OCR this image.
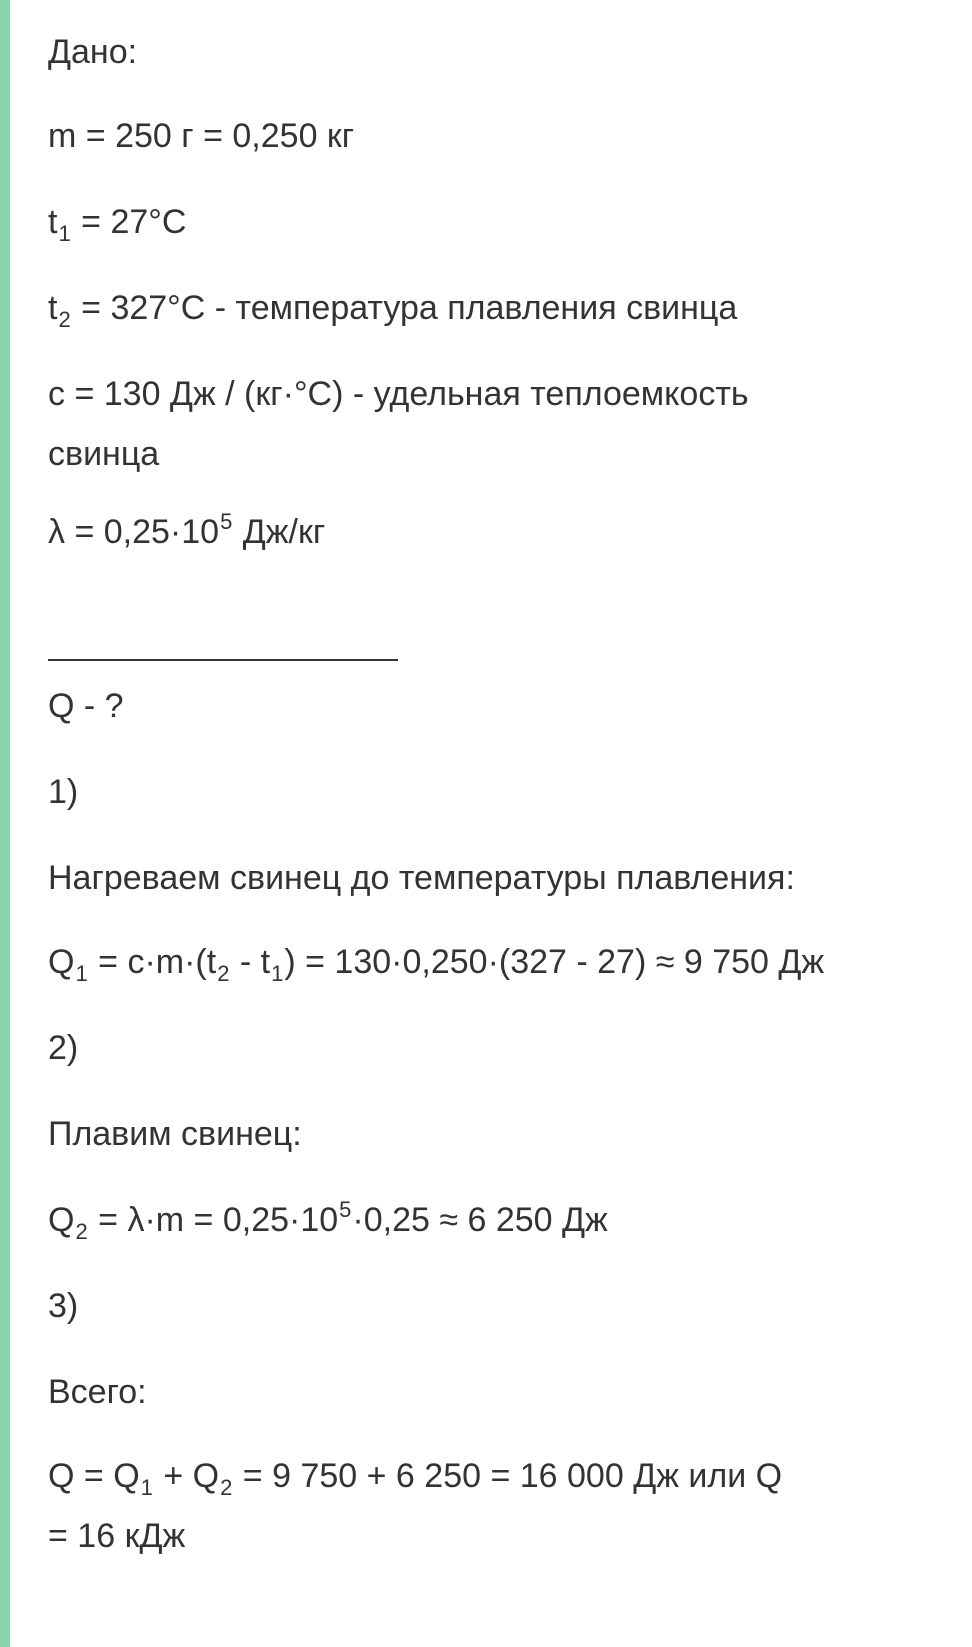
Дано:
m = 250 г = 0,250 кг
$t_1 = 27^\circ C$
$t_2 = 327^\circ C$ - температура плавления свинца
c = 130 Дж / (кг·°C) - удельная теплоемкость
свинца
$\lambda = 0,25\cdot 10^5$ Дж/кг
Q - ?
1)
Нагреваем свинец до температуры плавления:
$Q_1 = c\cdot m\cdot(t_2 - t_1) = 130\cdot 0,250\cdot(327 - 27) \approx 9$ 750 Дж
2)
Плавим свинец:
$Q_2 = \lambda\cdot m = 0,25\cdot 10^5\cdot 0,25 \approx 6$ 250 Дж
3)
Всего:
$Q = Q_1 + Q_2 = 9$ 750 + 6 250 = 16 000 Дж или Q
= 16 кДж
